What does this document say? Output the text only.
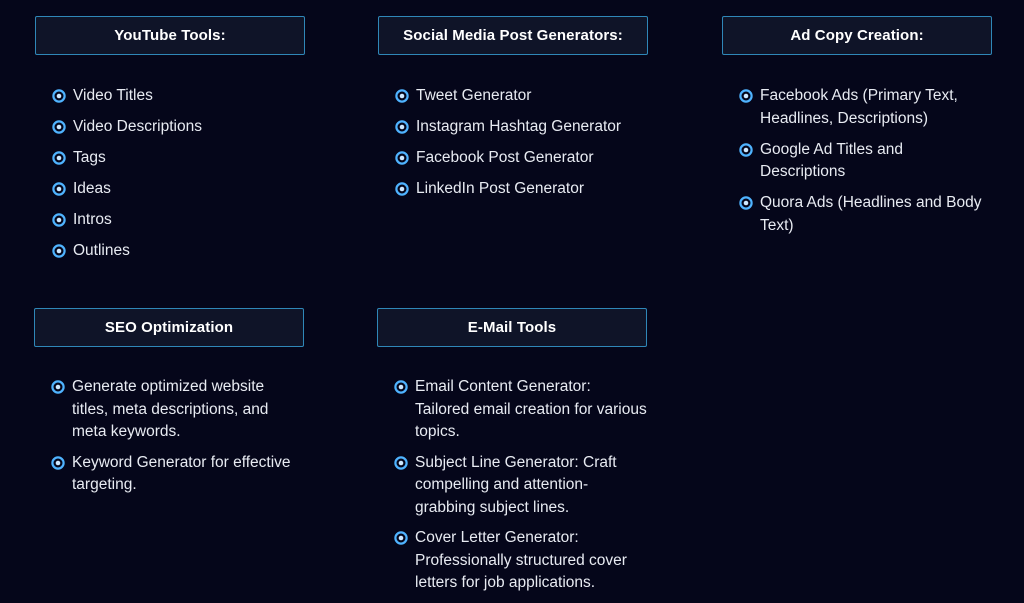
YouTube Tools:
Video Titles
Video Descriptions
Tags
Ideas
Intros
Outlines
Social Media Post Generators:
Tweet Generator
Instagram Hashtag Generator
Facebook Post Generator
LinkedIn Post Generator
Ad Copy Creation:
Facebook Ads (Primary Text, Headlines, Descriptions)
Google Ad Titles and Descriptions
Quora Ads (Headlines and Body Text)
SEO Optimization
Generate optimized website titles, meta descriptions, and meta keywords.
Keyword Generator for effective targeting.
E-Mail Tools
Email Content Generator: Tailored email creation for various topics.
Subject Line Generator: Craft compelling and attention-grabbing subject lines.
Cover Letter Generator: Professionally structured cover letters for job applications.
